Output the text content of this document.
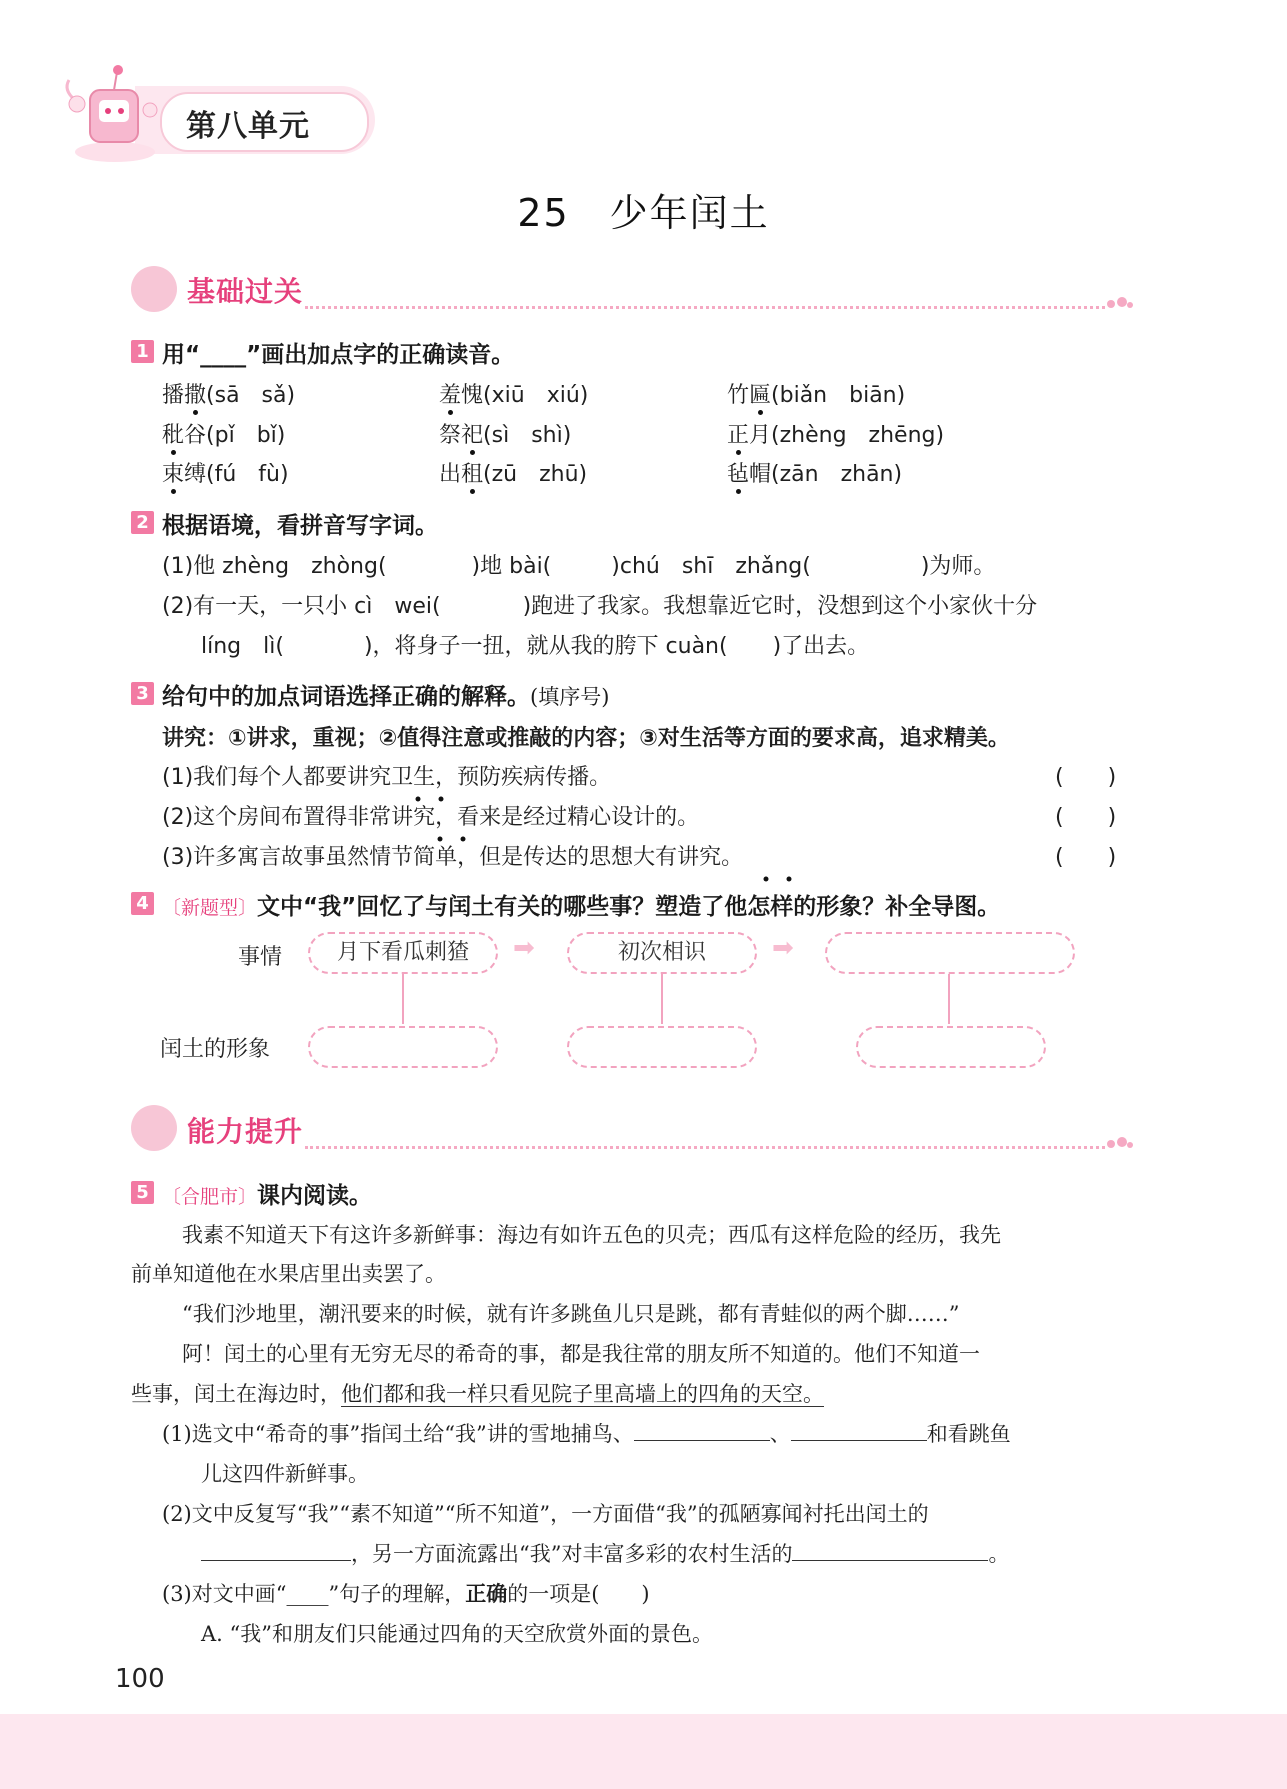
第八单元
25　少年闰土
基础过关
1 用“____”画出加点字的正确读音。
播撒(sā　sǎ)	羞愧(xiū　xiú)	竹匾(biǎn　biān)
秕谷(pǐ　bǐ)	祭祀(sì　shì)	正月(zhèng　zhēng)
束缚(fú　fù)	出租(zū　zhū)	毡帽(zān　zhān)
2 根据语境，看拼音写字词。
(1)他 zhèng　zhòng(	)地 bài(	)chú　shī　zhǎng(	)为师。
(2)有一天，一只小 cì　wei(	)跑进了我家。我想靠近它时，没想到这个小家伙十分
líng　lì(	)，将身子一扭，就从我的胯下 cuàn( )了出去。
3 给句中的加点词语选择正确的解释。(填序号)
讲究：①讲求，重视；②值得注意或推敲的内容；③对生活等方面的要求高，追求精美。
(1)我们每个人都要讲究卫生，预防疾病传播。	(　　)
(2)这个房间布置得非常讲究，看来是经过精心设计的。	(　　)
(3)许多寓言故事虽然情节简单，但是传达的思想大有讲究。	(　　)
4 〔新题型〕文中“我”回忆了与闰土有关的哪些事？塑造了他怎样的形象？补全导图。
事情
闰土的形象
月下看瓜刺猹	➡	初次相识	➡
能力提升
5 〔合肥市〕课内阅读。
我素不知道天下有这许多新鲜事：海边有如许五色的贝壳；西瓜有这样危险的经历，我先
前单知道他在水果店里出卖罢了。
“我们沙地里，潮汛要来的时候，就有许多跳鱼儿只是跳，都有青蛙似的两个脚……”
阿！闰土的心里有无穷无尽的希奇的事，都是我往常的朋友所不知道的。他们不知道一
些事，闰土在海边时，他们都和我一样只看见院子里高墙上的四角的天空。
(1)选文中“希奇的事”指闰土给“我”讲的雪地捕鸟、	、	和看跳鱼
儿这四件新鲜事。
(2)文中反复写“我”“素不知道”“所不知道”，一方面借“我”的孤陋寡闻衬托出闰土的
，另一方面流露出“我”对丰富多彩的农村生活的	。
(3)对文中画“____”句子的理解，正确的一项是(　　)
A. “我”和朋友们只能通过四角的天空欣赏外面的景色。
100
